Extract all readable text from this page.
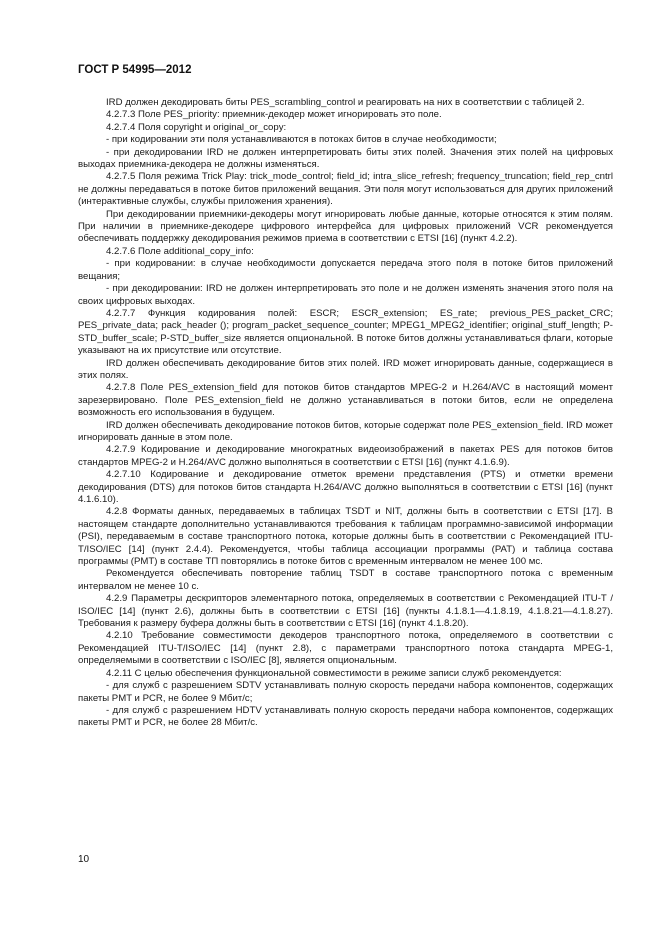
ГОСТ Р 54995—2012

IRD должен декодировать биты PES_scrambling_control и реагировать на них в соответствии с таблицей 2.

4.2.7.3 Поле PES_priority: приемник-декодер может игнорировать это поле.

4.2.7.4 Поля copyright и original_or_copy:

- при кодировании эти поля устанавливаются в потоках битов в случае необходимости;

- при декодировании IRD не должен интерпретировать биты этих полей. Значения этих полей на цифровых выходах приемника-декодера не должны изменяться.

4.2.7.5 Поля режима Trick Play: trick_mode_control; field_id; intra_slice_refresh; frequency_truncation; field_rep_cntrl не должны передаваться в потоке битов приложений вещания. Эти поля могут использоваться для других приложений (интерактивные службы, службы приложения хранения).

При декодировании приемники-декодеры могут игнорировать любые данные, которые относятся к этим полям. При наличии в приемнике-декодере цифрового интерфейса для цифровых приложений VCR рекомендуется обеспечивать поддержку декодирования режимов приема в соответствии с ETSI [16] (пункт 4.2.2).

4.2.7.6 Поле additional_copy_info:

- при кодировании: в случае необходимости допускается передача этого поля в потоке битов приложений вещания;

- при декодировании: IRD не должен интерпретировать это поле и не должен изменять значения этого поля на своих цифровых выходах.

4.2.7.7 Функция кодирования полей: ESCR; ESCR_extension; ES_rate; previous_PES_packet_CRC; PES_private_data; pack_header (); program_packet_sequence_counter; MPEG1_MPEG2_identifier; original_stuff_length; P-STD_buffer_scale; P-STD_buffer_size является опциональной. В потоке битов должны устанавливаться флаги, которые указывают на их присутствие или отсутствие.

IRD должен обеспечивать декодирование битов этих полей. IRD может игнорировать данные, содержащиеся в этих полях.

4.2.7.8 Поле PES_extension_field для потоков битов стандартов MPEG-2 и H.264/AVC в настоящий момент зарезервировано. Поле PES_extension_field не должно устанавливаться в потоки битов, если не определена возможность его использования в будущем.

IRD должен обеспечивать декодирование потоков битов, которые содержат поле PES_extension_field. IRD может игнорировать данные в этом поле.

4.2.7.9 Кодирование и декодирование многократных видеоизображений в пакетах PES для потоков битов стандартов MPEG-2 и H.264/AVC должно выполняться в соответствии с ETSI [16] (пункт 4.1.6.9).

4.2.7.10 Кодирование и декодирование отметок времени представления (PTS) и отметки времени декодирования (DTS) для потоков битов стандарта H.264/AVC должно выполняться в соответствии с ETSI [16] (пункт 4.1.6.10).

4.2.8 Форматы данных, передаваемых в таблицах TSDT и NIT, должны быть в соответствии с ETSI [17]. В настоящем стандарте дополнительно устанавливаются требования к таблицам программно-зависимой информации (PSI), передаваемым в составе транспортного потока, которые должны быть в соответствии с Рекомендацией ITU-T/ISO/IEC [14] (пункт 2.4.4). Рекомендуется, чтобы таблица ассоциации программы (PAT) и таблица состава программы (PMT) в составе ТП повторялись в потоке битов с временным интервалом не менее 100 мс.

Рекомендуется обеспечивать повторение таблиц TSDT в составе транспортного потока с временным интервалом не менее 10 с.

4.2.9 Параметры дескрипторов элементарного потока, определяемых в соответствии с Рекомендацией ITU-T / ISO/IEC [14] (пункт 2.6), должны быть в соответствии с ETSI [16] (пункты 4.1.8.1—4.1.8.19, 4.1.8.21—4.1.8.27). Требования к размеру буфера должны быть в соответствии с ETSI [16] (пункт 4.1.8.20).

4.2.10 Требование совместимости декодеров транспортного потока, определяемого в соответствии с Рекомендацией ITU-T/ISO/IEC [14] (пункт 2.8), с параметрами транспортного потока стандарта MPEG-1, определяемыми в соответствии с ISO/IEC [8], является опциональным.

4.2.11 С целью обеспечения функциональной совместимости в режиме записи служб рекомендуется:

- для служб с разрешением SDTV устанавливать полную скорость передачи набора компонентов, содержащих пакеты PMT и PCR, не более 9 Мбит/с;

- для служб с разрешением HDTV устанавливать полную скорость передачи набора компонентов, содержащих пакеты PMT и PCR, не более 28 Мбит/с.

10
